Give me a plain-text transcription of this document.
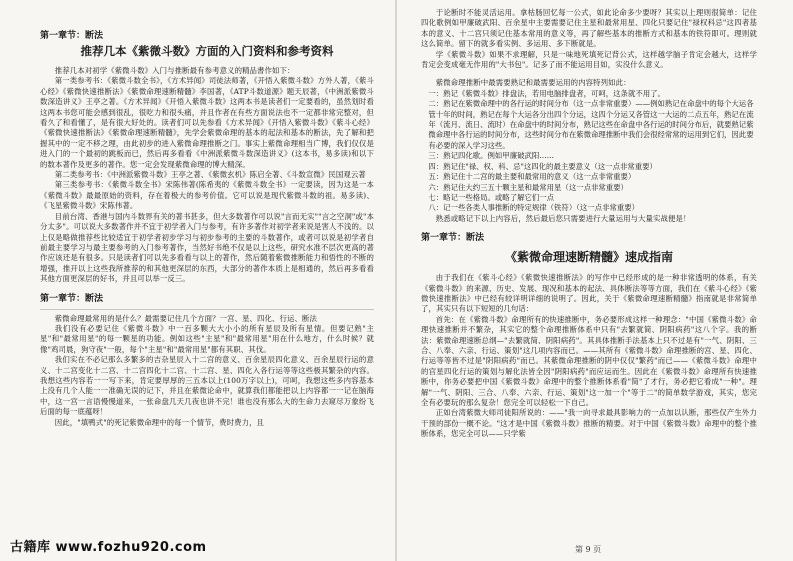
第一章节：断法

推荐几本《紫微斗数》方面的入门资料和参考资料

推荐几本对初学《紫微斗数》入门与推断最有参考意义的精品書作如下：

第一类参考书：《紫微斗数全书》，《方术异闻》司徒法师著，《开悟入紫微斗数》方外人著，《紫斗心经》《紫微快速推断法》《紫微命理速断精髓》李国著，《ATP斗数道源》题天辰著，《中洲派紫微斗数深造讲义》王亭之著。《方术异闻》《开悟入紫微斗数》这两本书是读者们一定要看的，虽然划时看这两本书您可能会感到很乱，很吃力和很头痛，并且作者在有些方面说法也不一定都非常完整对，但看久了和看懂了，是有很大好处的。读者们可以先参看《方术异闻》《开悟入紫微斗数》《紫斗心经》《紫微快速推断法》《紫微命理速断精髓》，先学会紫微命理的基本的起法和基本的断法，先了解和把握其中的一定不移之理，由此初步的进入紫微命理推断之门。事实上紫微命理相当广博，我们仅仅是进入门的一个最初的跳板而已，然后再多看看《中洲派紫微斗数深造讲义》(这本书，易多读)和以下的数本著作及更多的著作。您一定会发现紫微命理的博大精深。

第二类参考书：《中洲派紫微斗数》王亭之著、《紫微玄机》陈启全著、《斗数宣微》民国观云著

第三类参考书：《紫微斗数全书》宋陈伟著(陈希夷的《紫微斗数全书》一定要读，因为这是一本《紫微斗数》最最原始的资料，存在着极大的参考价值。它可以说是现代紫微斗数的祖。易多读)、《飞星紫微斗数》宋陈伟著。

目前台湾、香港与国内斗数界有关的著书甚多，但大多数著作可以说"言而无实""言之空洞"或"本分太多"。可以说大多数著作并不宜于初学者入门与参考，有许多著作对初学者来说是害人不浅的。以上仅是略做推荐些比较适宜于初学者初步学习与初步参考的主要的斗数著作，或者可以说是初学者自前最主要学习与最主要参考的入门参考著作，当然好书绝不仅是以上这些，研究水准不层次更高的著作应该还是有很多。只是读者们可以先多看看与以上的著作，然后随着紫微推断能力和悟性的不断的增强，推开以上这些我所推荐的和其他更深层的东西，大部分的著作本质上是相通的，然后再多看看其他方面更深层的好书，并且可以举一反三。

第一章节：断法

紫微命理最常用的是什么？最需要记住几个方面？一宫、星、四化、行运、断法

我们没有必要记住《紫微斗数》中一百多颗大大小小的所有星辰及所有星情。但要记熟"主星"和"最常用星"的每一颗星的功能。例如这些"主星"和"最常用星"用在什么地方，什么时候？就像"鸡司晨，狗守夜"一般，每个"主星"和"最常用星"都有其职、其伐。

我们实在不必记那么多繁多的吉杂星辰入十二宫的意义、百余星辰四化意义、百余星辰行运的意义、十二宫变化十二宫、十二宫四化十二宫、十二宫、星、四化入各行运等等这些极其繁杂的内容。我想这些内容若一一写下来，肯定要厚厚的三五本以上(100万字以上)，可呵，我想这些多内容基本上没有几个人能一一准确无误的记下，并且在紫微论命中，就算我们都能把以上内容都一一记在脑海中，这一宫一言语慢慢道来，一张命盘几天几夜也讲不完！谁也没有那么大的生命力去窥尽万象纷飞后面的每一底蕴呀！

因此，"填鸭式"的死记紫微命理中的每一个情节，费时费力，且

古籍库 www.fozhu920.com

于论断时不能灵活运用。拿枯肠回忆每一公式，如此论命多少要呀？其实以上理则很简单：记住四化歌例如甲廉破武阳、百余星中主要需要记住主星和最常用星、四化只要记住"禄权科忌"这四者基本的意义、十二宫只须记住基本常用的意义等，再了解些基本的推断方式和基本的铁符即可。理则就这么简单。留下的就多看实例、多运用、多下断就是。

学《紫微斗数》如果不求理解，只是一味地死填死记背公式，这样越学脑子肯定会越大，这样学肯定会变成毫无作用的"大书包"。记多了而不能运用目如，实没什么意义。

紫微命理推断中最需要熟记和最需要运用的内容特列如此：

一：熟记《紫微斗数》排盘法，若用电脑排盘者，可呵，这条就不用了。
二：熟记在紫微命理中的各行运的时间分布（这一点非常重要）——例如熟记在命盘中的每个大运各管十年的时间，熟记在每个大运各分出四个分运，这四个分运又各管这一大运的二点五年，熟记在流年（流月、流日、流时）在命盘中的时间分布，熟记这些在命盘中各行运的时间分布后，就要熟记紫微命理中各行运的时间分布，这些时间分布在紫微命理推断中我们会很经常常的运用到它们，因此要有必要的深入学习这些。
三：熟记四化歌。例如甲廉破武阳……
四：熟记住"禄、权、科、忌"这四化的最主要意义（这一点非常重要）
五：熟记住十二宫的最主要和最常用的意义（这一点非常重要）
六：熟记住大约三五十颗主星和最常用星（这一点非常重要）
七：略记一些格局。或略了解它们一点
八：记一些各类人事推断的特定规律（铁符）（这一点非常重要）

熟悉或略记下以上内容后，然后最后您只需要进行大量运用与大量实战便是！

第一章节：断法

《紫微命理速断精髓》速成指南

由于我们在《紫斗心经》《紫微快速推断法》的写作中已经形成的是一种非常透明的体系，有关《紫微斗数》的来源、历史、发展、现况和基本的起法、具体断法等等方面，我们在《紫斗心经》《紫微快速推断法》中已经有较详明详细的说明了。因此，关于《紫微命理速断精髓》指南就是非常简单了，其实只有以下短短的几句话：

首先：在《紫微斗数》命理所有的快速推断中，务必要形成这样一种理念："中国《紫微斗数》命理快速推断并不繁杂，其实它的整个命理推断体系中只有"去繁就简、阴阳病药"这八个字。我的断法：紫微命理速断总纲—"去繁就简、阴阳病药"。其具体推断手法基本上只不过是有"一气、阴阳、三合、八奉、六亲、行运、策划"这几项内容而已。——其所有《紫微斗数》命理推断的宫、星、四化、行运等等皆不过是"阴阳病药"而已。其紫微命理推断的阴中仅仅"繁药"而已——《紫微斗数》命理中的宫星四化行运的策划与解化法皆全因"阴阳病药"而应运而生。因此在《紫微斗数》命理所有快速推断中，你务必要把中国《紫微斗数》命理中的整个推断体系看"简"了才行，务必把它看成"一种"。理解"一气、阴阳、三合、八奉、六亲、行运、策划"这一加一个"等于二"的简单数学游戏，其实，您完全有必要玩的那么复杂！您完全可以轻松一下自己。

正如台湾紫微大师司徒阳所说的：——"我一向寻求最具影响力的一点加以认断，那些仅产生外力干预的部份一概不论。"这才是中国《紫微斗数》推断的精要。对于中国《紫微斗数》命理中的整个推断体系，您完全可以——只学紫

第 9 页
